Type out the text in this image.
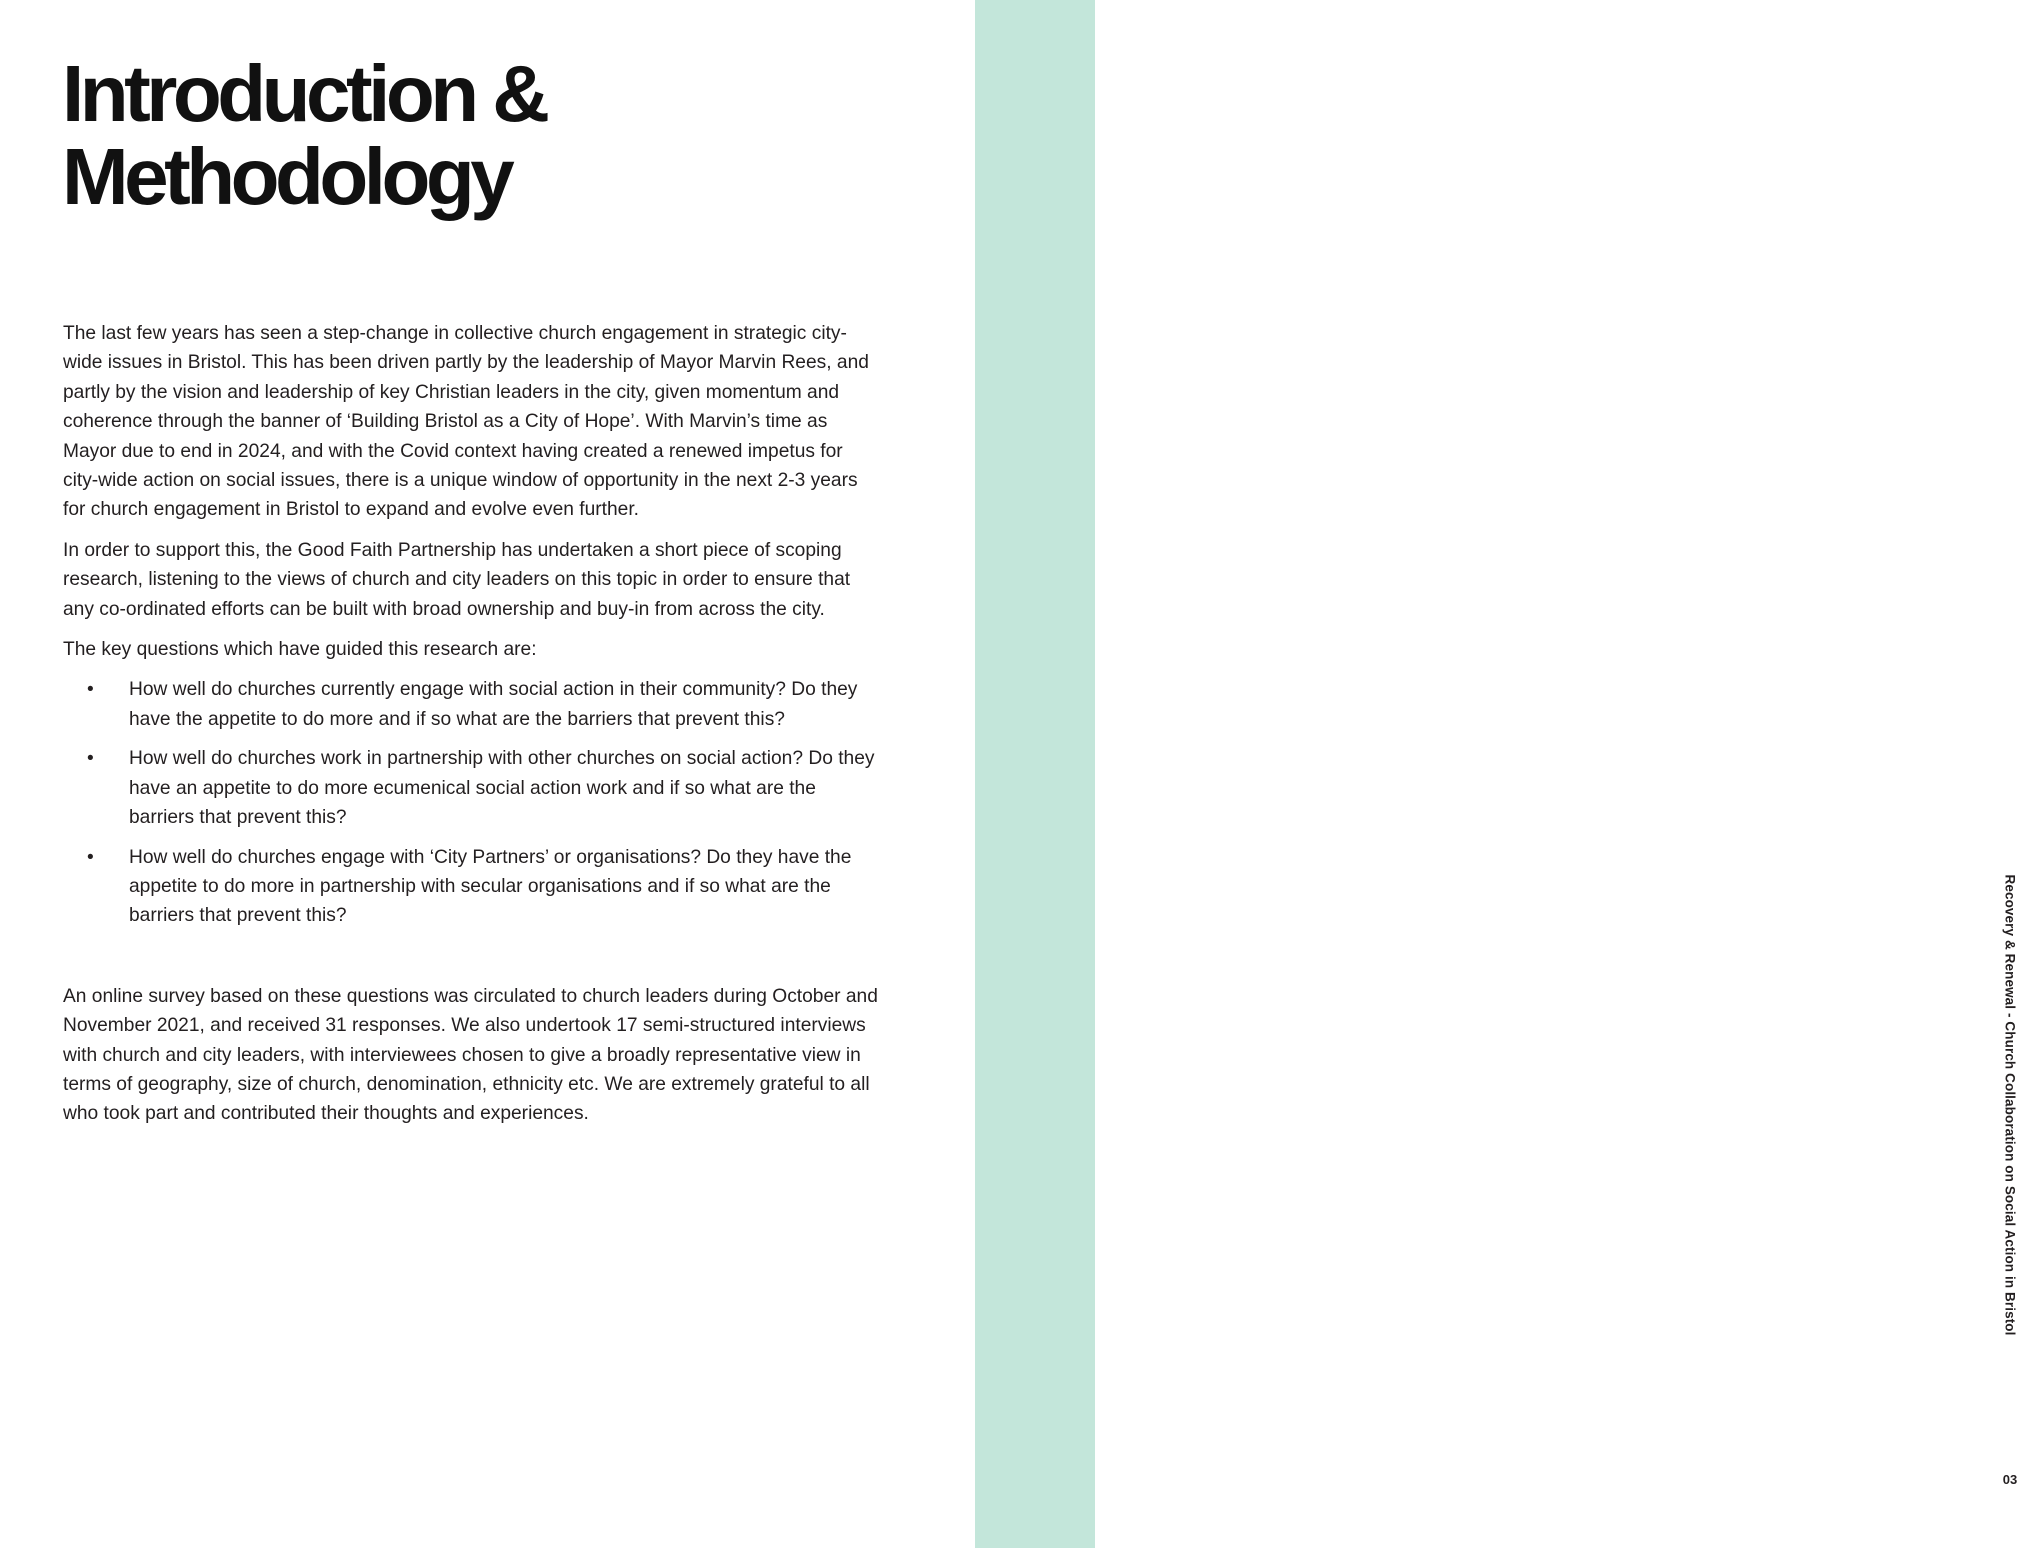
Recovery & Renewal - Church Collaboration on Social Action in Bristol
03
Introduction &
Methodology

The last few years has seen a step-change in collective church engagement in strategic city-wide issues in Bristol. This has been driven partly by the leadership of Mayor Marvin Rees, and partly by the vision and leadership of key Christian leaders in the city, given momentum and coherence through the banner of ‘Building Bristol as a City of Hope’. With Marvin’s time as Mayor due to end in 2024, and with the Covid context having created a renewed impetus for city-wide action on social issues, there is a unique window of opportunity in the next 2-3 years for church engagement in Bristol to expand and evolve even further.

In order to support this, the Good Faith Partnership has undertaken a short piece of scoping research, listening to the views of church and city leaders on this topic in order to ensure that any co-ordinated efforts can be built with broad ownership and buy-in from across the city.

The key questions which have guided this research are:

• How well do churches currently engage with social action in their community? Do they have the appetite to do more and if so what are the barriers that prevent this?
• How well do churches work in partnership with other churches on social action? Do they have an appetite to do more ecumenical social action work and if so what are the barriers that prevent this?
• How well do churches engage with ‘City Partners’ or organisations? Do they have the appetite to do more in partnership with secular organisations and if so what are the barriers that prevent this?

An online survey based on these questions was circulated to church leaders during October and November 2021, and received 31 responses. We also undertook 17 semi-structured interviews with church and city leaders, with interviewees chosen to give a broadly representative view in terms of geography, size of church, denomination, ethnicity etc. We are extremely grateful to all who took part and contributed their thoughts and experiences.
